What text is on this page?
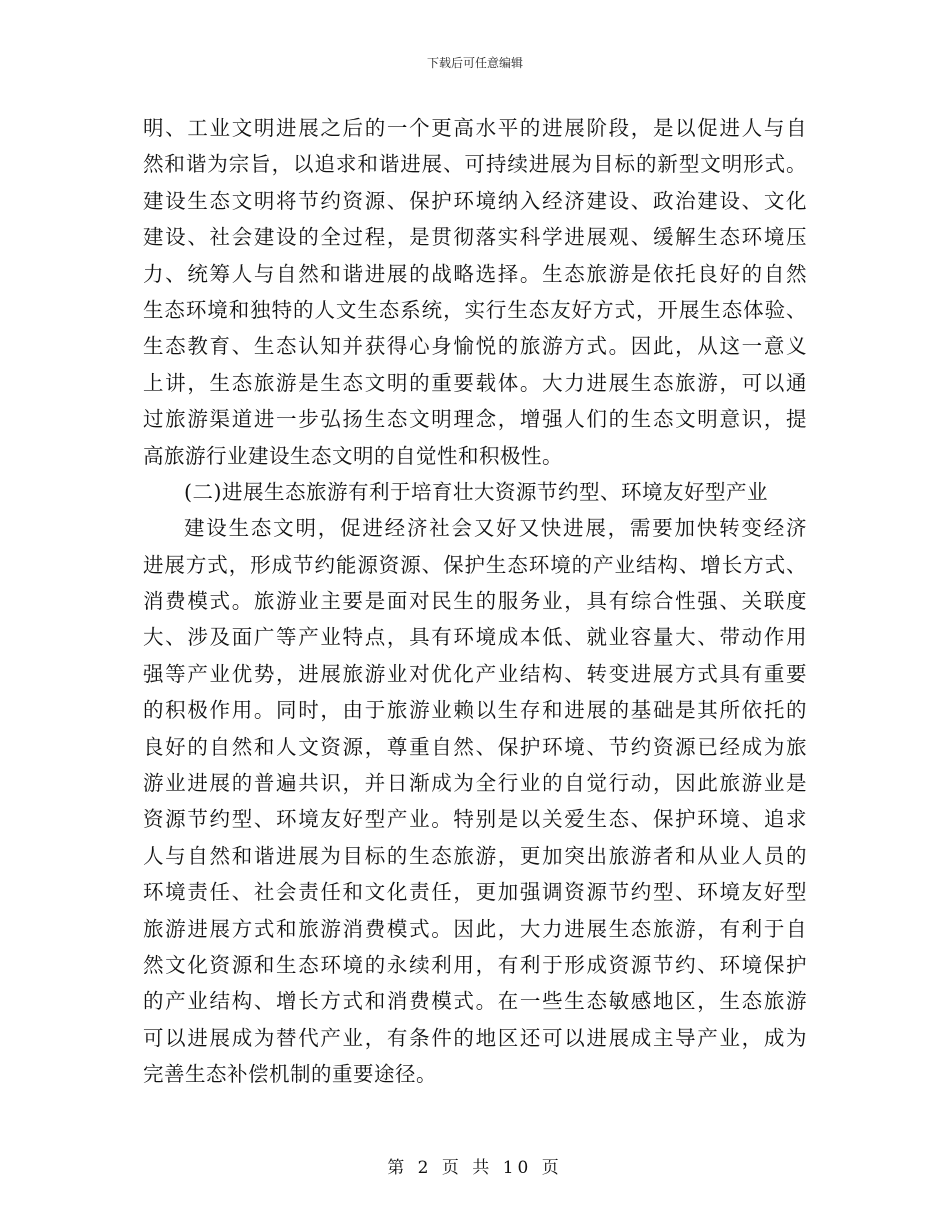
下载后可任意编辑
明、工业文明进展之后的一个更高水平的进展阶段，是以促进人与自
然和谐为宗旨，以追求和谐进展、可持续进展为目标的新型文明形式。
建设生态文明将节约资源、保护环境纳入经济建设、政治建设、文化
建设、社会建设的全过程，是贯彻落实科学进展观、缓解生态环境压
力、统筹人与自然和谐进展的战略选择。生态旅游是依托良好的自然
生态环境和独特的人文生态系统，实行生态友好方式，开展生态体验、
生态教育、生态认知并获得心身愉悦的旅游方式。因此，从这一意义
上讲，生态旅游是生态文明的重要载体。大力进展生态旅游，可以通
过旅游渠道进一步弘扬生态文明理念，增强人们的生态文明意识，提
高旅游行业建设生态文明的自觉性和积极性。
(二)进展生态旅游有利于培育壮大资源节约型、环境友好型产业
建设生态文明，促进经济社会又好又快进展，需要加快转变经济
进展方式，形成节约能源资源、保护生态环境的产业结构、增长方式、
消费模式。旅游业主要是面对民生的服务业，具有综合性强、关联度
大、涉及面广等产业特点，具有环境成本低、就业容量大、带动作用
强等产业优势，进展旅游业对优化产业结构、转变进展方式具有重要
的积极作用。同时，由于旅游业赖以生存和进展的基础是其所依托的
良好的自然和人文资源，尊重自然、保护环境、节约资源已经成为旅
游业进展的普遍共识，并日渐成为全行业的自觉行动，因此旅游业是
资源节约型、环境友好型产业。特别是以关爱生态、保护环境、追求
人与自然和谐进展为目标的生态旅游，更加突出旅游者和从业人员的
环境责任、社会责任和文化责任，更加强调资源节约型、环境友好型
旅游进展方式和旅游消费模式。因此，大力进展生态旅游，有利于自
然文化资源和生态环境的永续利用，有利于形成资源节约、环境保护
的产业结构、增长方式和消费模式。在一些生态敏感地区，生态旅游
可以进展成为替代产业，有条件的地区还可以进展成主导产业，成为
完善生态补偿机制的重要途径。
第 2 页 共 10 页
